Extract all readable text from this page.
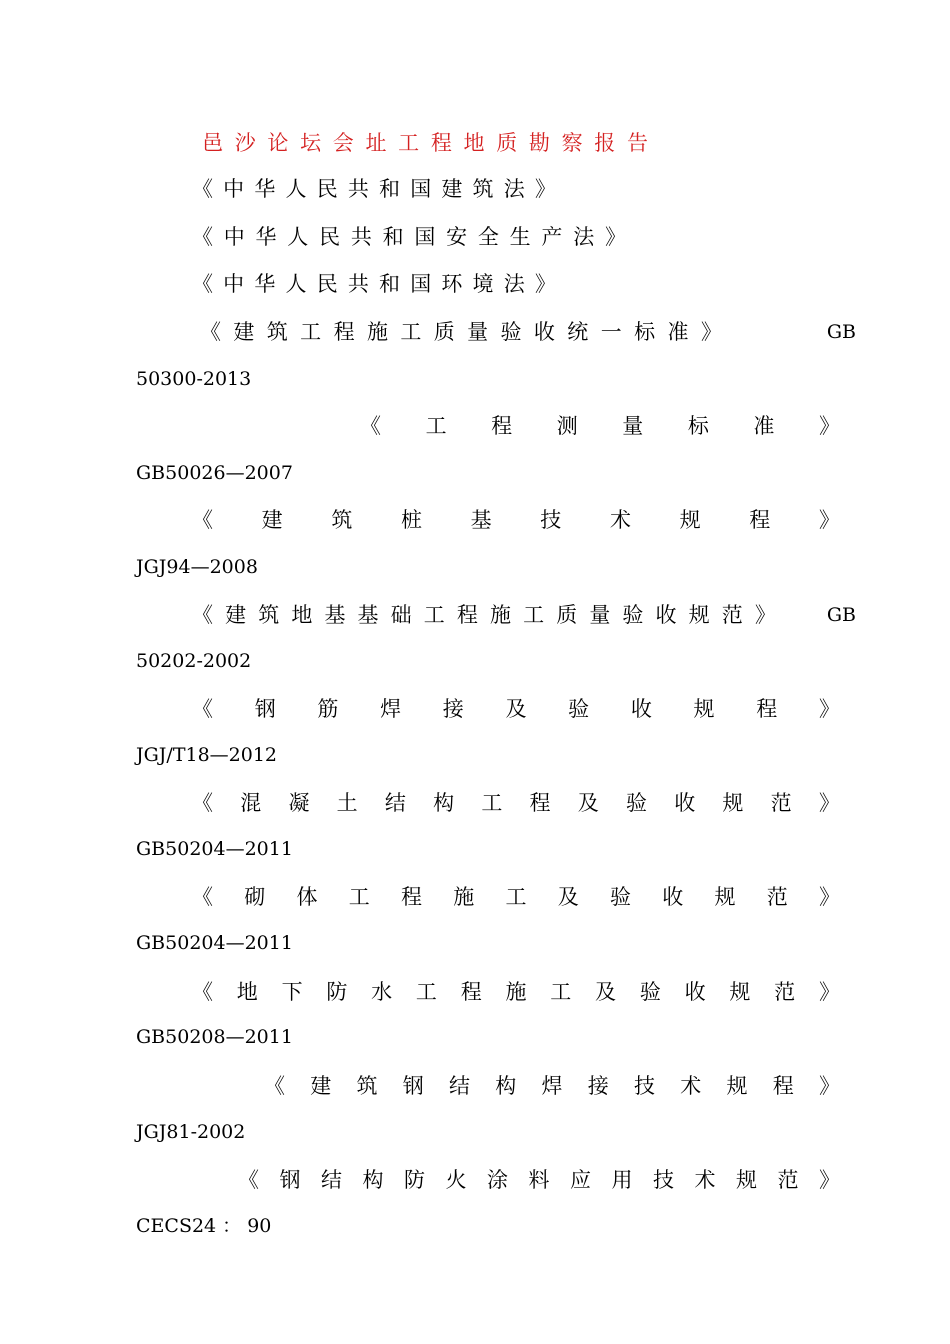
邑 沙 论 坛 会 址 工 程 地 质 勘 察 报 告
《 中 华 人 民 共 和 国 建 筑 法 》
《 中 华 人 民 共 和 国 安 全 生 产 法 》
《 中 华 人 民 共 和 国 环 境 法 》
《 建 筑 工 程 施 工 质 量 验 收 统 一 标 准 》	GB
50300-2013
《 工 程 测 量 标 准 》
GB50026—2007
《 建 筑 桩 基 技 术 规 程 》
JGJ94—2008
《 建 筑 地 基 基 础 工 程 施 工 质 量 验 收 规 范 》	GB
50202-2002
《 钢 筋 焊 接 及 验 收 规 程 》
JGJ/T18—2012
《 混 凝 土 结 构 工 程 及 验 收 规 范 》
GB50204—2011
《 砌 体 工 程 施 工 及 验 收 规 范 》
GB50204—2011
《 地 下 防 水 工 程 施 工 及 验 收 规 范 》
GB50208—2011
《 建 筑 钢 结 构 焊 接 技 术 规 程 》
JGJ81-2002
《 钢 结 构 防 火 涂 料 应 用 技 术 规 范 》
CECS24 ： 90
